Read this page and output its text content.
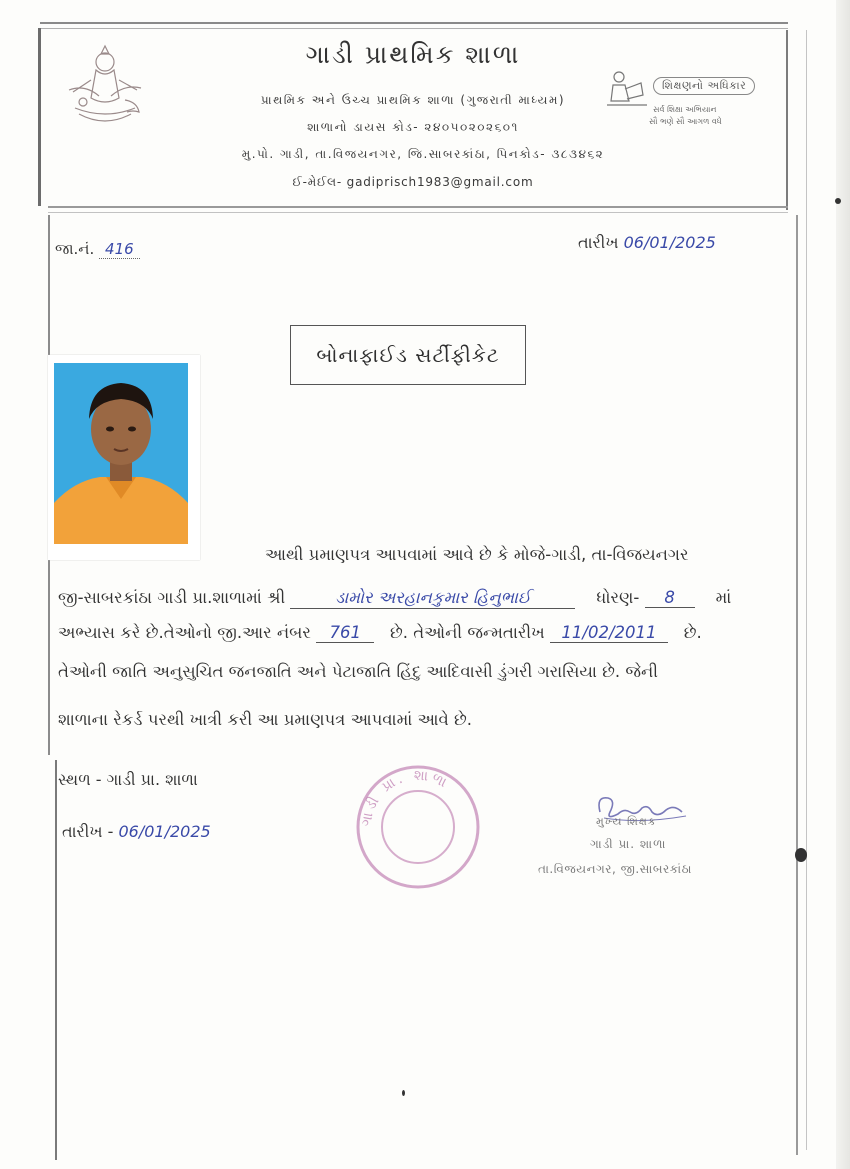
ગાડી પ્રાથમિક શાળા
પ્રાથમિક અને ઉચ્ચ પ્રાથમિક શાળા (ગુજરાતી માધ્યમ)
શાળાનો ડાયસ કોડ- ૨૪૦૫૦૨૦૨૬૦૧
મુ.પો. ગાડી, તા.વિજયનગર, જિ.સાબરકાંઠા, પિનકોડ- ૩૮૩૪૬૨
ઈ-મેઈલ- gadiprisch1983@gmail.com
શિક્ષણનો અધિકાર
સર્વ શિક્ષા અભિયાન
સૌ ભણે સૌ આગળ વધે
જા.નં. 416	તારીખ 06/01/2025
બોનાફાઈડ સર્ટીફીકેટ
આથી પ્રમાણપત્ર આપવામાં આવે છે કે મોજે-ગાડી, તા-વિજયનગર
જી-સાબરકાંઠા ગાડી પ્રા.શાળામાં શ્રી	ડામોર અરહાનકુમાર હિનુભાઈ	ધોરણ- 8 માં
અભ્યાસ કરે છે.તેઓનો જી.આર નંબર 761 છે. તેઓની જન્મતારીખ 11/02/2011 છે.
તેઓની જાતિ અનુસુચિત જનજાતિ અને પેટાજાતિ હિંદુ આદિવાસી ડુંગરી ગરાસિયા છે. જેની
શાળાના રેકર્ડ પરથી ખાત્રી કરી આ પ્રમાણપત્ર આપવામાં આવે છે.
સ્થળ - ગાડી પ્રા. શાળા
તારીખ - 06/01/2025
ગાડી પ્રા. શાળા
મુખ્ય શિક્ષક
ગાડી પ્રા. શાળા
તા.વિજયનગર, જી.સાબરકાંઠા
